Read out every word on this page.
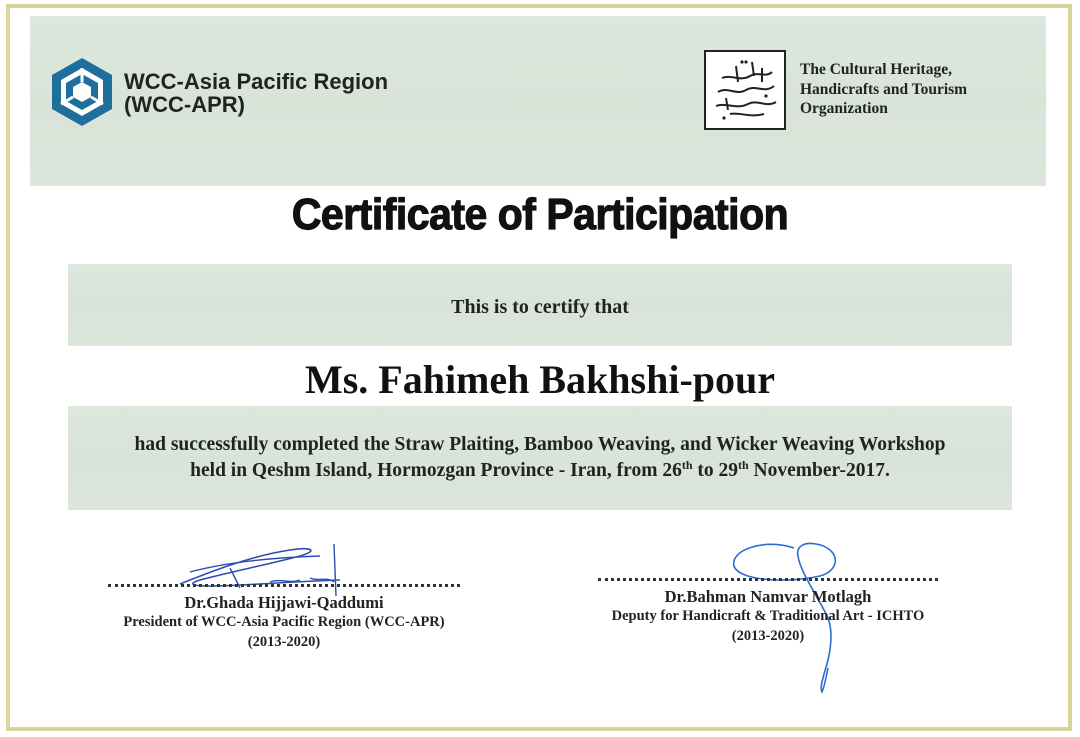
WCC-Asia Pacific Region
(WCC-APR)
The Cultural Heritage,
Handicrafts and Tourism
Organization
Certificate of Participation
This is to certify that
Ms. Fahimeh Bakhshi-pour
had successfully completed the Straw Plaiting, Bamboo Weaving, and Wicker Weaving Workshop
held in Qeshm Island, Hormozgan Province - Iran, from 26th to 29th November-2017.
Dr.Ghada Hijjawi-Qaddumi
President of WCC-Asia Pacific Region (WCC-APR)
(2013-2020)
Dr.Bahman Namvar Motlagh
Deputy for Handicraft & Traditional Art - ICHTO
(2013-2020)
